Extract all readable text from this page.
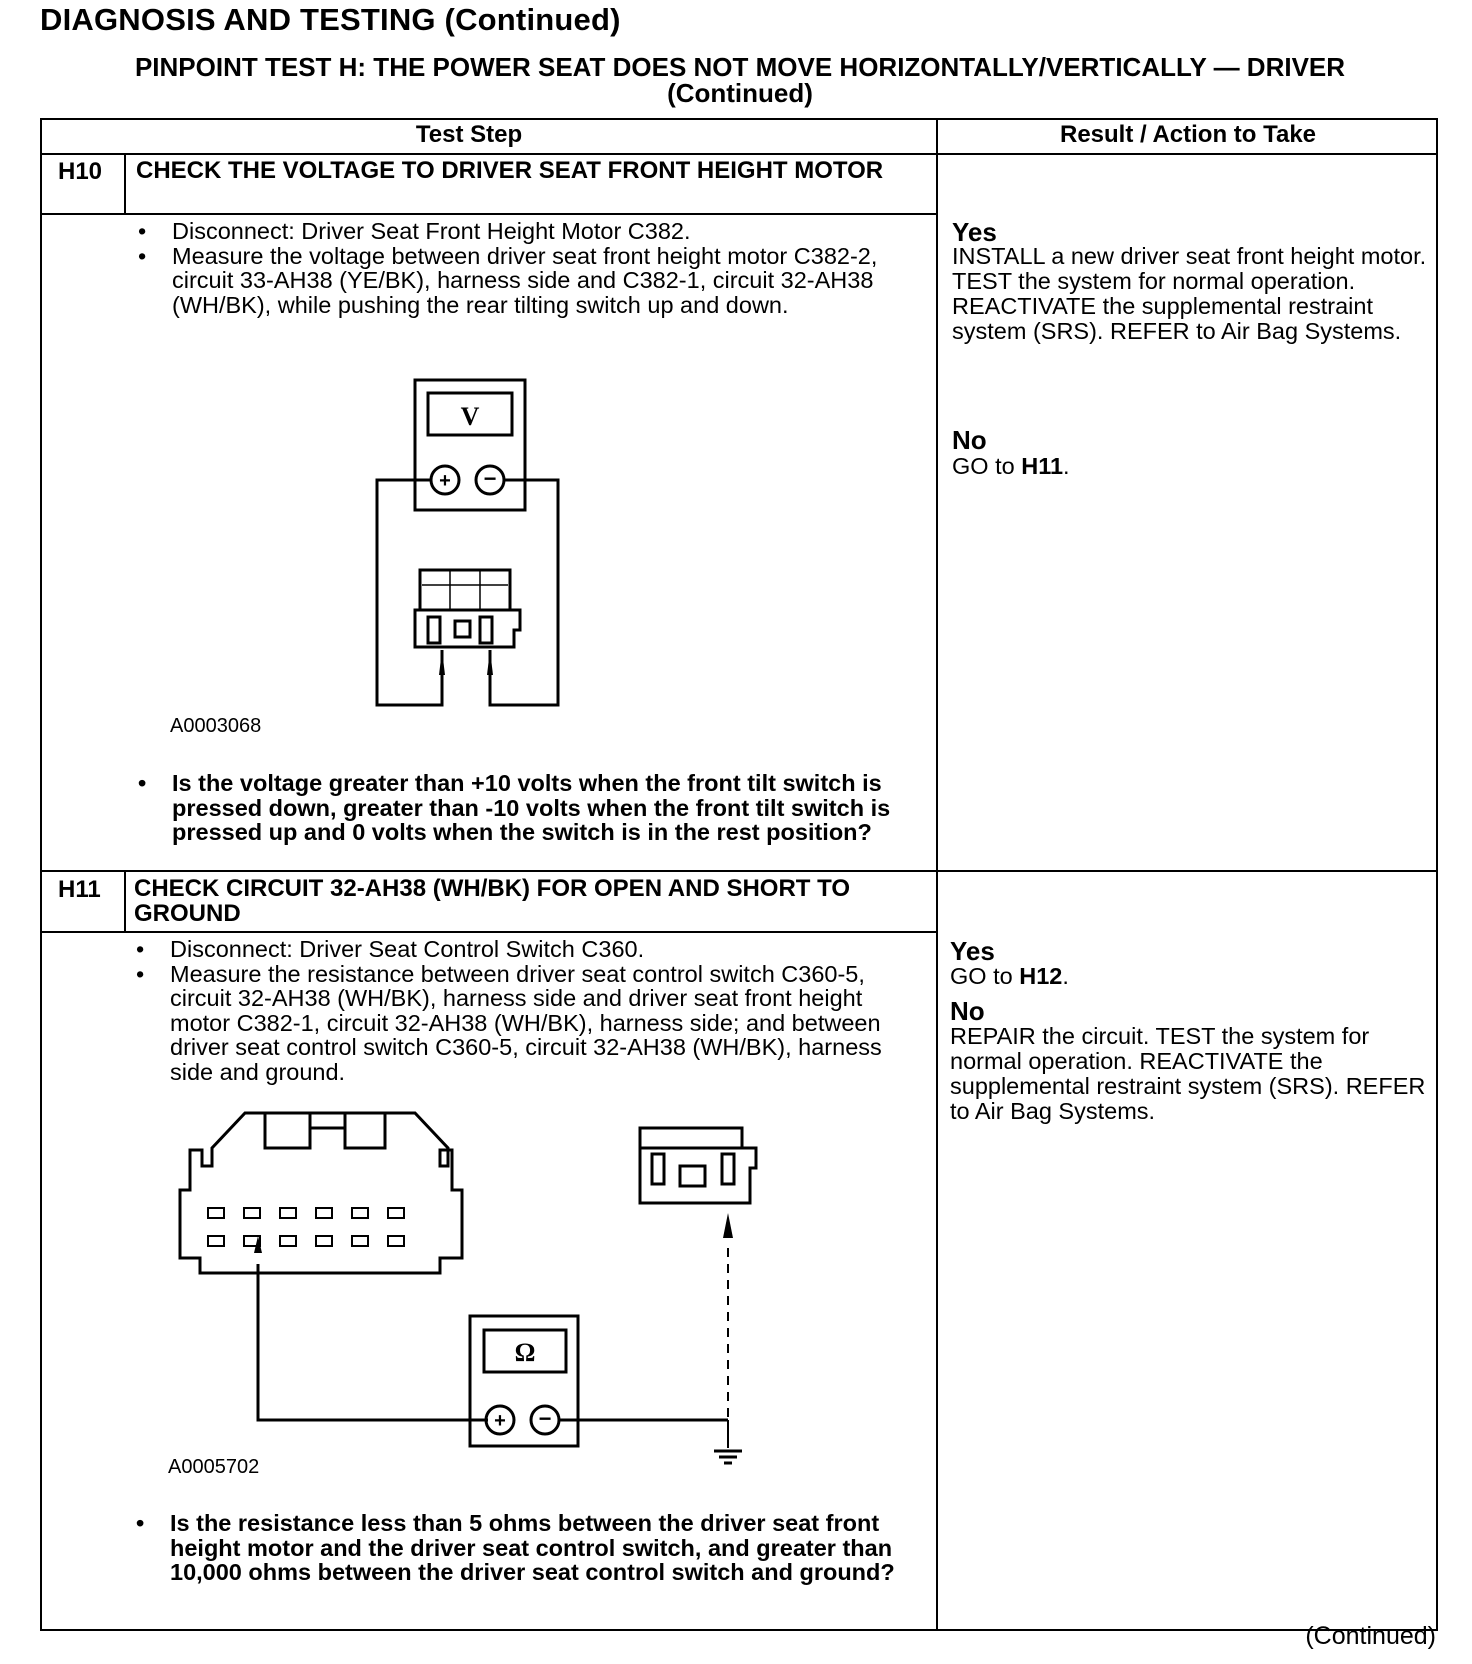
DIAGNOSIS AND TESTING (Continued)
PINPOINT TEST H: THE POWER SEAT DOES NOT MOVE HORIZONTALLY/VERTICALLY — DRIVER
(Continued)
Test Step	Result / Action to Take
H10 CHECK THE VOLTAGE TO DRIVER SEAT FRONT HEIGHT MOTOR
• Disconnect: Driver Seat Front Height Motor C382.
• Measure the voltage between driver seat front height motor C382-2, circuit 33-AH38 (YE/BK), harness side and C382-1, circuit 32-AH38 (WH/BK), while pushing the rear tilting switch up and down.
V
+ −
A0003068
• Is the voltage greater than +10 volts when the front tilt switch is pressed down, greater than -10 volts when the front tilt switch is pressed up and 0 volts when the switch is in the rest position?
Yes
INSTALL a new driver seat front height motor. TEST the system for normal operation. REACTIVATE the supplemental restraint system (SRS). REFER to Air Bag Systems.
No
GO to H11.
H11 CHECK CIRCUIT 32-AH38 (WH/BK) FOR OPEN AND SHORT TO GROUND
• Disconnect: Driver Seat Control Switch C360.
• Measure the resistance between driver seat control switch C360-5, circuit 32-AH38 (WH/BK), harness side and driver seat front height motor C382-1, circuit 32-AH38 (WH/BK), harness side; and between driver seat control switch C360-5, circuit 32-AH38 (WH/BK), harness side and ground.
Ω
+ −
A0005702
• Is the resistance less than 5 ohms between the driver seat front height motor and the driver seat control switch, and greater than 10,000 ohms between the driver seat control switch and ground?
Yes
GO to H12.
No
REPAIR the circuit. TEST the system for normal operation. REACTIVATE the supplemental restraint system (SRS). REFER to Air Bag Systems.
(Continued)
